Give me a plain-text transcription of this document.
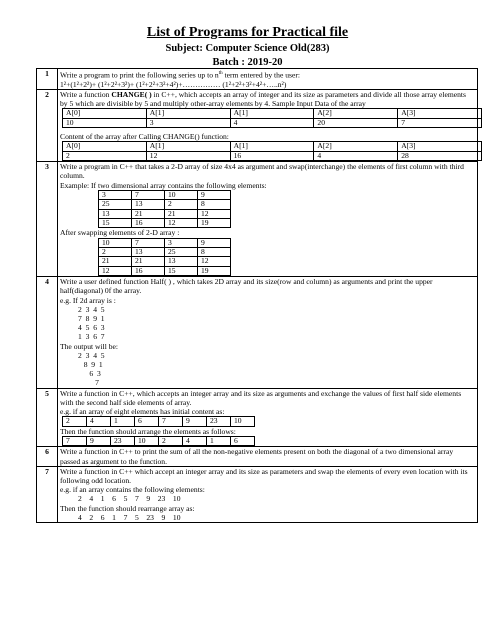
List of Programs for Practical file
Subject: Computer Science Old(283)
Batch : 2019-20
1	Write a program to print the following series up to $n^{th}$ term entered by the user:

1²+(1²+2²)+ (1²+2²+3²)+ (1²+2²+3²+4²)+…………… (1²+2²+3²+4²+…..n²)

2	Write a function CHANGE( ) in C++, which accepts an array of integer and its size as parameters and divide all those array elements by 5 which are divisible by 5 and multiply other-array elements by 4. Sample Input Data of the array

A[0]	A[1]	A[1]	A[2]	A[3]
10	3	4	20	7

Content of the array after Calling CHANGE() function:

A[0]	A[1]	A[1]	A[2]	A[3]
2	12	16	4	28

3	Write a program in C++ that takes a 2-D array of size 4x4 as argument and swap(interchange) the elements of first column with third column.

Example: If two dimensional array contains the following elements:

3	7	10	9
25	13	2	8
13	21	21	12
15	16	12	19

After swapping elements of 2-D array :

10	7	3	9
2	13	25	8
21	21	13	12
12	16	15	19

4	Write a user defined function Half( ) , which takes 2D array and its size(row and column) as arguments and print the upper half(diagonal) 0f the array.

e.g. If 2d array is :

2  3  4  5

7  8  9  1

4  5  6  3

1  3  6  7

The output will be:

2  3  4  5

8  9  1

6  3

7

5	Write a function in C++, which accepts an integer array and its size as arguments and exchange the values of first half side elements with the second half side elements of array.

e.g. if an array of eight elements has initial content as:

2	4	1	6	7	9	23	10

Then the function should arrange the elements as follows:

7	9	23	10	2	4	1	6

6	Write a function in C++ to print the sum of all the non-negative elements present on both the diagonal of a two dimensional array passed as argument to the function.

7	Write a function in C++ which accept an integer array and its size as parameters and swap the elements of every even location with its following odd location.

e.g. if an array contains the following elements:

2    4    1    6    5    7    9    23    10

Then the function should rearrange array as:

4    2    6    1    7    5    23    9    10
